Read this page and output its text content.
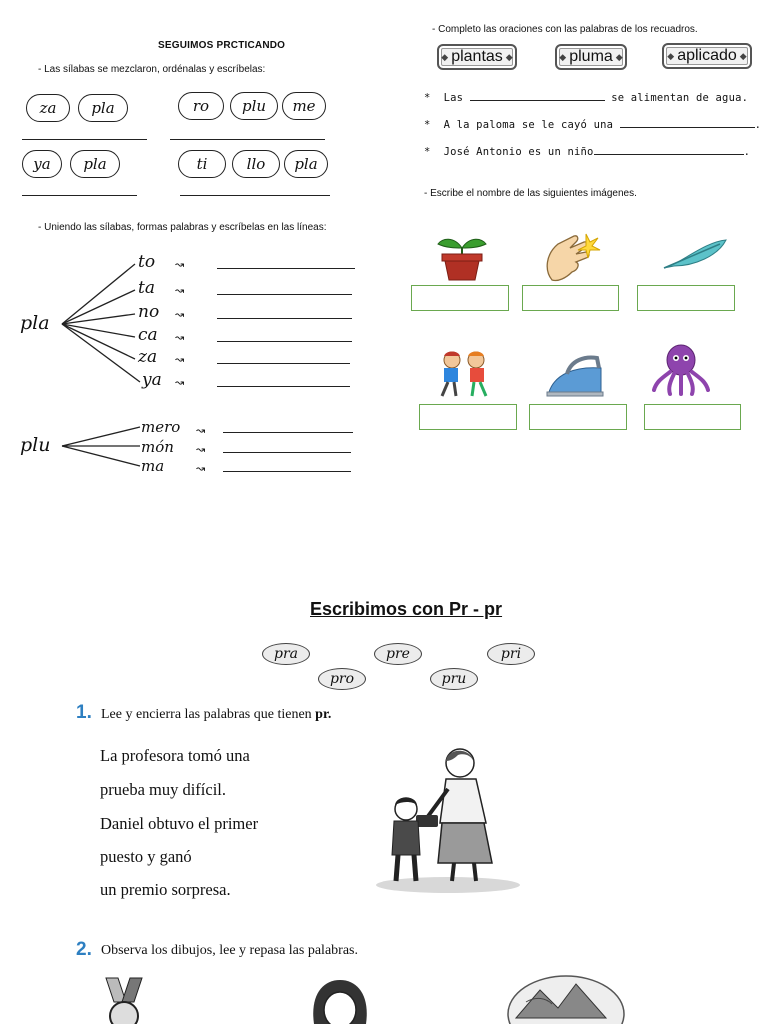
SEGUIMOS PRCTICANDO
- Las sílabas se mezclaron, ordénalas y escríbelas:
za	pla	ro	plu	me
ya	pla	ti	llo	pla
- Uniendo las sílabas, formas palabras y escríbelas en las líneas:
pla
plu
to
ta
no
ca
za
ya
↝
↝
↝
↝
↝
↝
mero
món
ma
↝
↝
↝
- Completo las oraciones con las palabras de los recuadros.
◆ plantas ◆	◆ pluma ◆	◆ aplicado ◆
* Las	se alimentan de agua.
* A la paloma se le cayó una	.
* José Antonio es un niño	.
- Escribe el nombre de las siguientes imágenes.
Escribimos con Pr - pr
pra
pro
pre
pru
pri
1. Lee y encierra las palabras que tienen pr.
La profesora tomó una
prueba muy difícil.
Daniel obtuvo el primer
puesto y ganó
un premio sorpresa.
2. Observa los dibujos, lee y repasa las palabras.
